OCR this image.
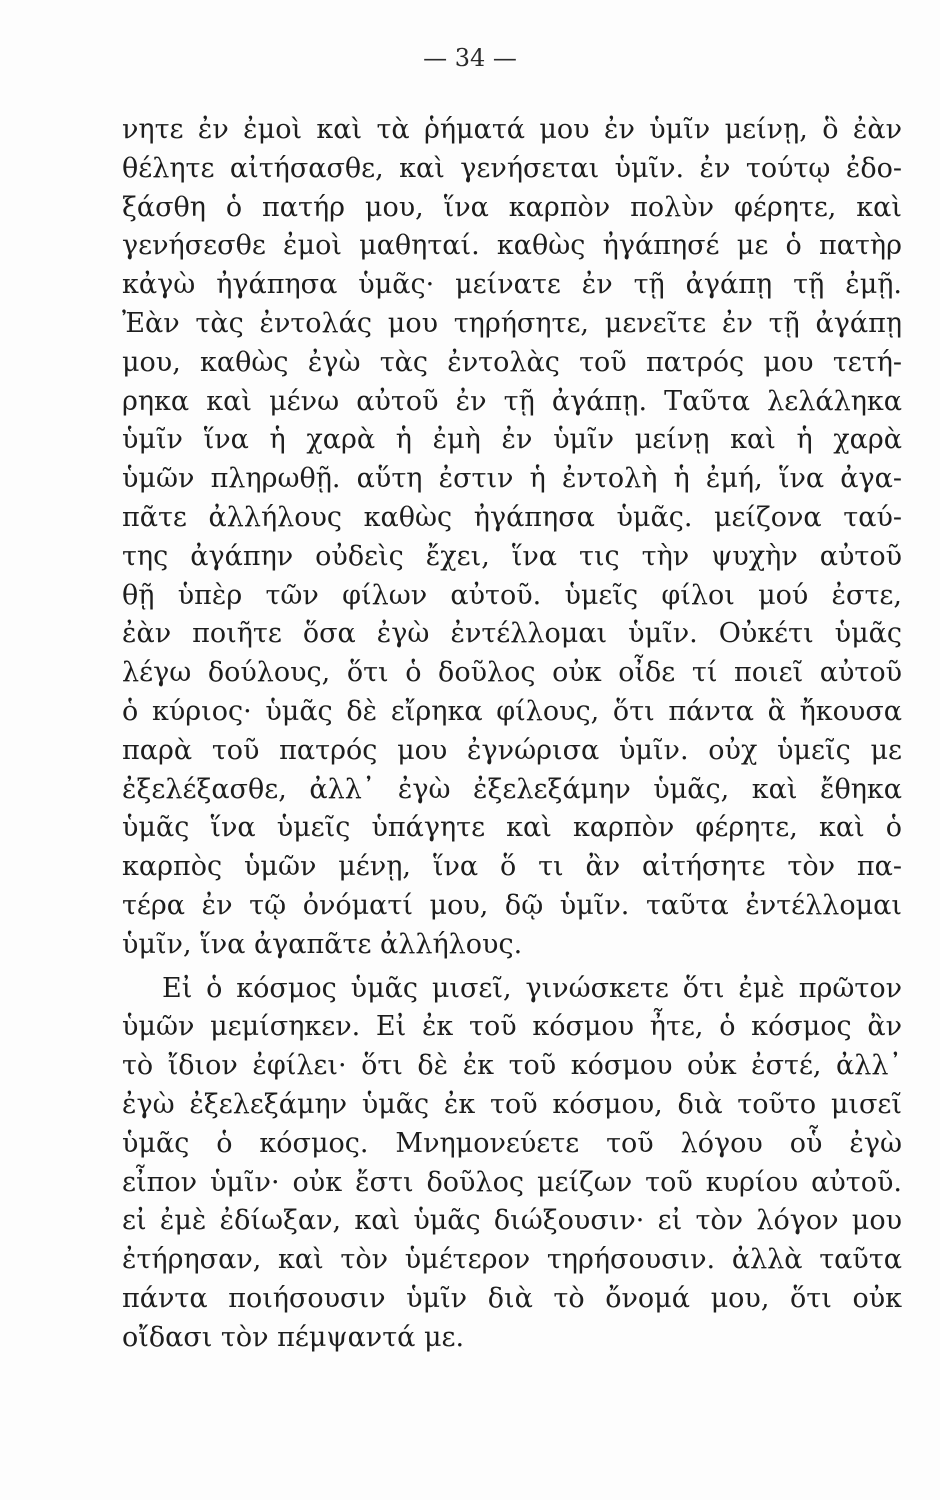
— 34 —
νητε ἐν ἐμοὶ καὶ τὰ ῥήματά μου ἐν ὑμῖν μείνῃ, ὃ ἐὰν
θέλητε αἰτήσασθε, καὶ γενήσεται ὑμῖν. ἐν τούτῳ ἐδο-
ξάσθη ὁ πατήρ μου, ἵνα καρπὸν πολὺν φέρητε, καὶ
γενήσεσθε ἐμοὶ μαθηταί. καθὼς ἠγάπησέ με ὁ πατὴρ
κἀγὼ ἠγάπησα ὑμᾶς· μείνατε ἐν τῇ ἀγάπῃ τῇ ἐμῇ.
Ἐὰν τὰς ἐντολάς μου τηρήσητε, μενεῖτε ἐν τῇ ἀγάπῃ
μου, καθὼς ἐγὼ τὰς ἐντολὰς τοῦ πατρός μου τετή-
ρηκα καὶ μένω αὐτοῦ ἐν τῇ ἀγάπῃ. Ταῦτα λελάληκα
ὑμῖν ἵνα ἡ χαρὰ ἡ ἐμὴ ἐν ὑμῖν μείνῃ καὶ ἡ χαρὰ
ὑμῶν πληρωθῇ. αὕτη ἐστιν ἡ ἐντολὴ ἡ ἐμή, ἵνα ἀγα-
πᾶτε ἀλλήλους καθὼς ἠγάπησα ὑμᾶς. μείζονα ταύ-
της ἀγάπην οὐδεὶς ἔχει, ἵνα τις τὴν ψυχὴν αὐτοῦ
θῇ ὑπὲρ τῶν φίλων αὐτοῦ. ὑμεῖς φίλοι μού ἐστε,
ἐὰν ποιῆτε ὅσα ἐγὼ ἐντέλλομαι ὑμῖν. Οὐκέτι ὑμᾶς
λέγω δούλους, ὅτι ὁ δοῦλος οὐκ οἶδε τί ποιεῖ αὐτοῦ
ὁ κύριος· ὑμᾶς δὲ εἴρηκα φίλους, ὅτι πάντα ἃ ἤκουσα
παρὰ τοῦ πατρός μου ἐγνώρισα ὑμῖν. οὐχ ὑμεῖς με
ἐξελέξασθε, ἀλλ᾽ ἐγὼ ἐξελεξάμην ὑμᾶς, καὶ ἔθηκα
ὑμᾶς ἵνα ὑμεῖς ὑπάγητε καὶ καρπὸν φέρητε, καὶ ὁ
καρπὸς ὑμῶν μένῃ, ἵνα ὅ τι ἂν αἰτήσητε τὸν πα-
τέρα ἐν τῷ ὀνόματί μου, δῷ ὑμῖν. ταῦτα ἐντέλλομαι
ὑμῖν, ἵνα ἀγαπᾶτε ἀλλήλους.
Εἰ ὁ κόσμος ὑμᾶς μισεῖ, γινώσκετε ὅτι ἐμὲ πρῶτον
ὑμῶν μεμίσηκεν. Εἰ ἐκ τοῦ κόσμου ἦτε, ὁ κόσμος ἂν
τὸ ἴδιον ἐφίλει· ὅτι δὲ ἐκ τοῦ κόσμου οὐκ ἐστέ, ἀλλ᾽
ἐγὼ ἐξελεξάμην ὑμᾶς ἐκ τοῦ κόσμου, διὰ τοῦτο μισεῖ
ὑμᾶς ὁ κόσμος. Μνημονεύετε τοῦ λόγου οὗ ἐγὼ
εἶπον ὑμῖν· οὐκ ἔστι δοῦλος μείζων τοῦ κυρίου αὐτοῦ.
εἰ ἐμὲ ἐδίωξαν, καὶ ὑμᾶς διώξουσιν· εἰ τὸν λόγον μου
ἐτήρησαν, καὶ τὸν ὑμέτερον τηρήσουσιν. ἀλλὰ ταῦτα
πάντα ποιήσουσιν ὑμῖν διὰ τὸ ὄνομά μου, ὅτι οὐκ
οἴδασι τὸν πέμψαντά με.
